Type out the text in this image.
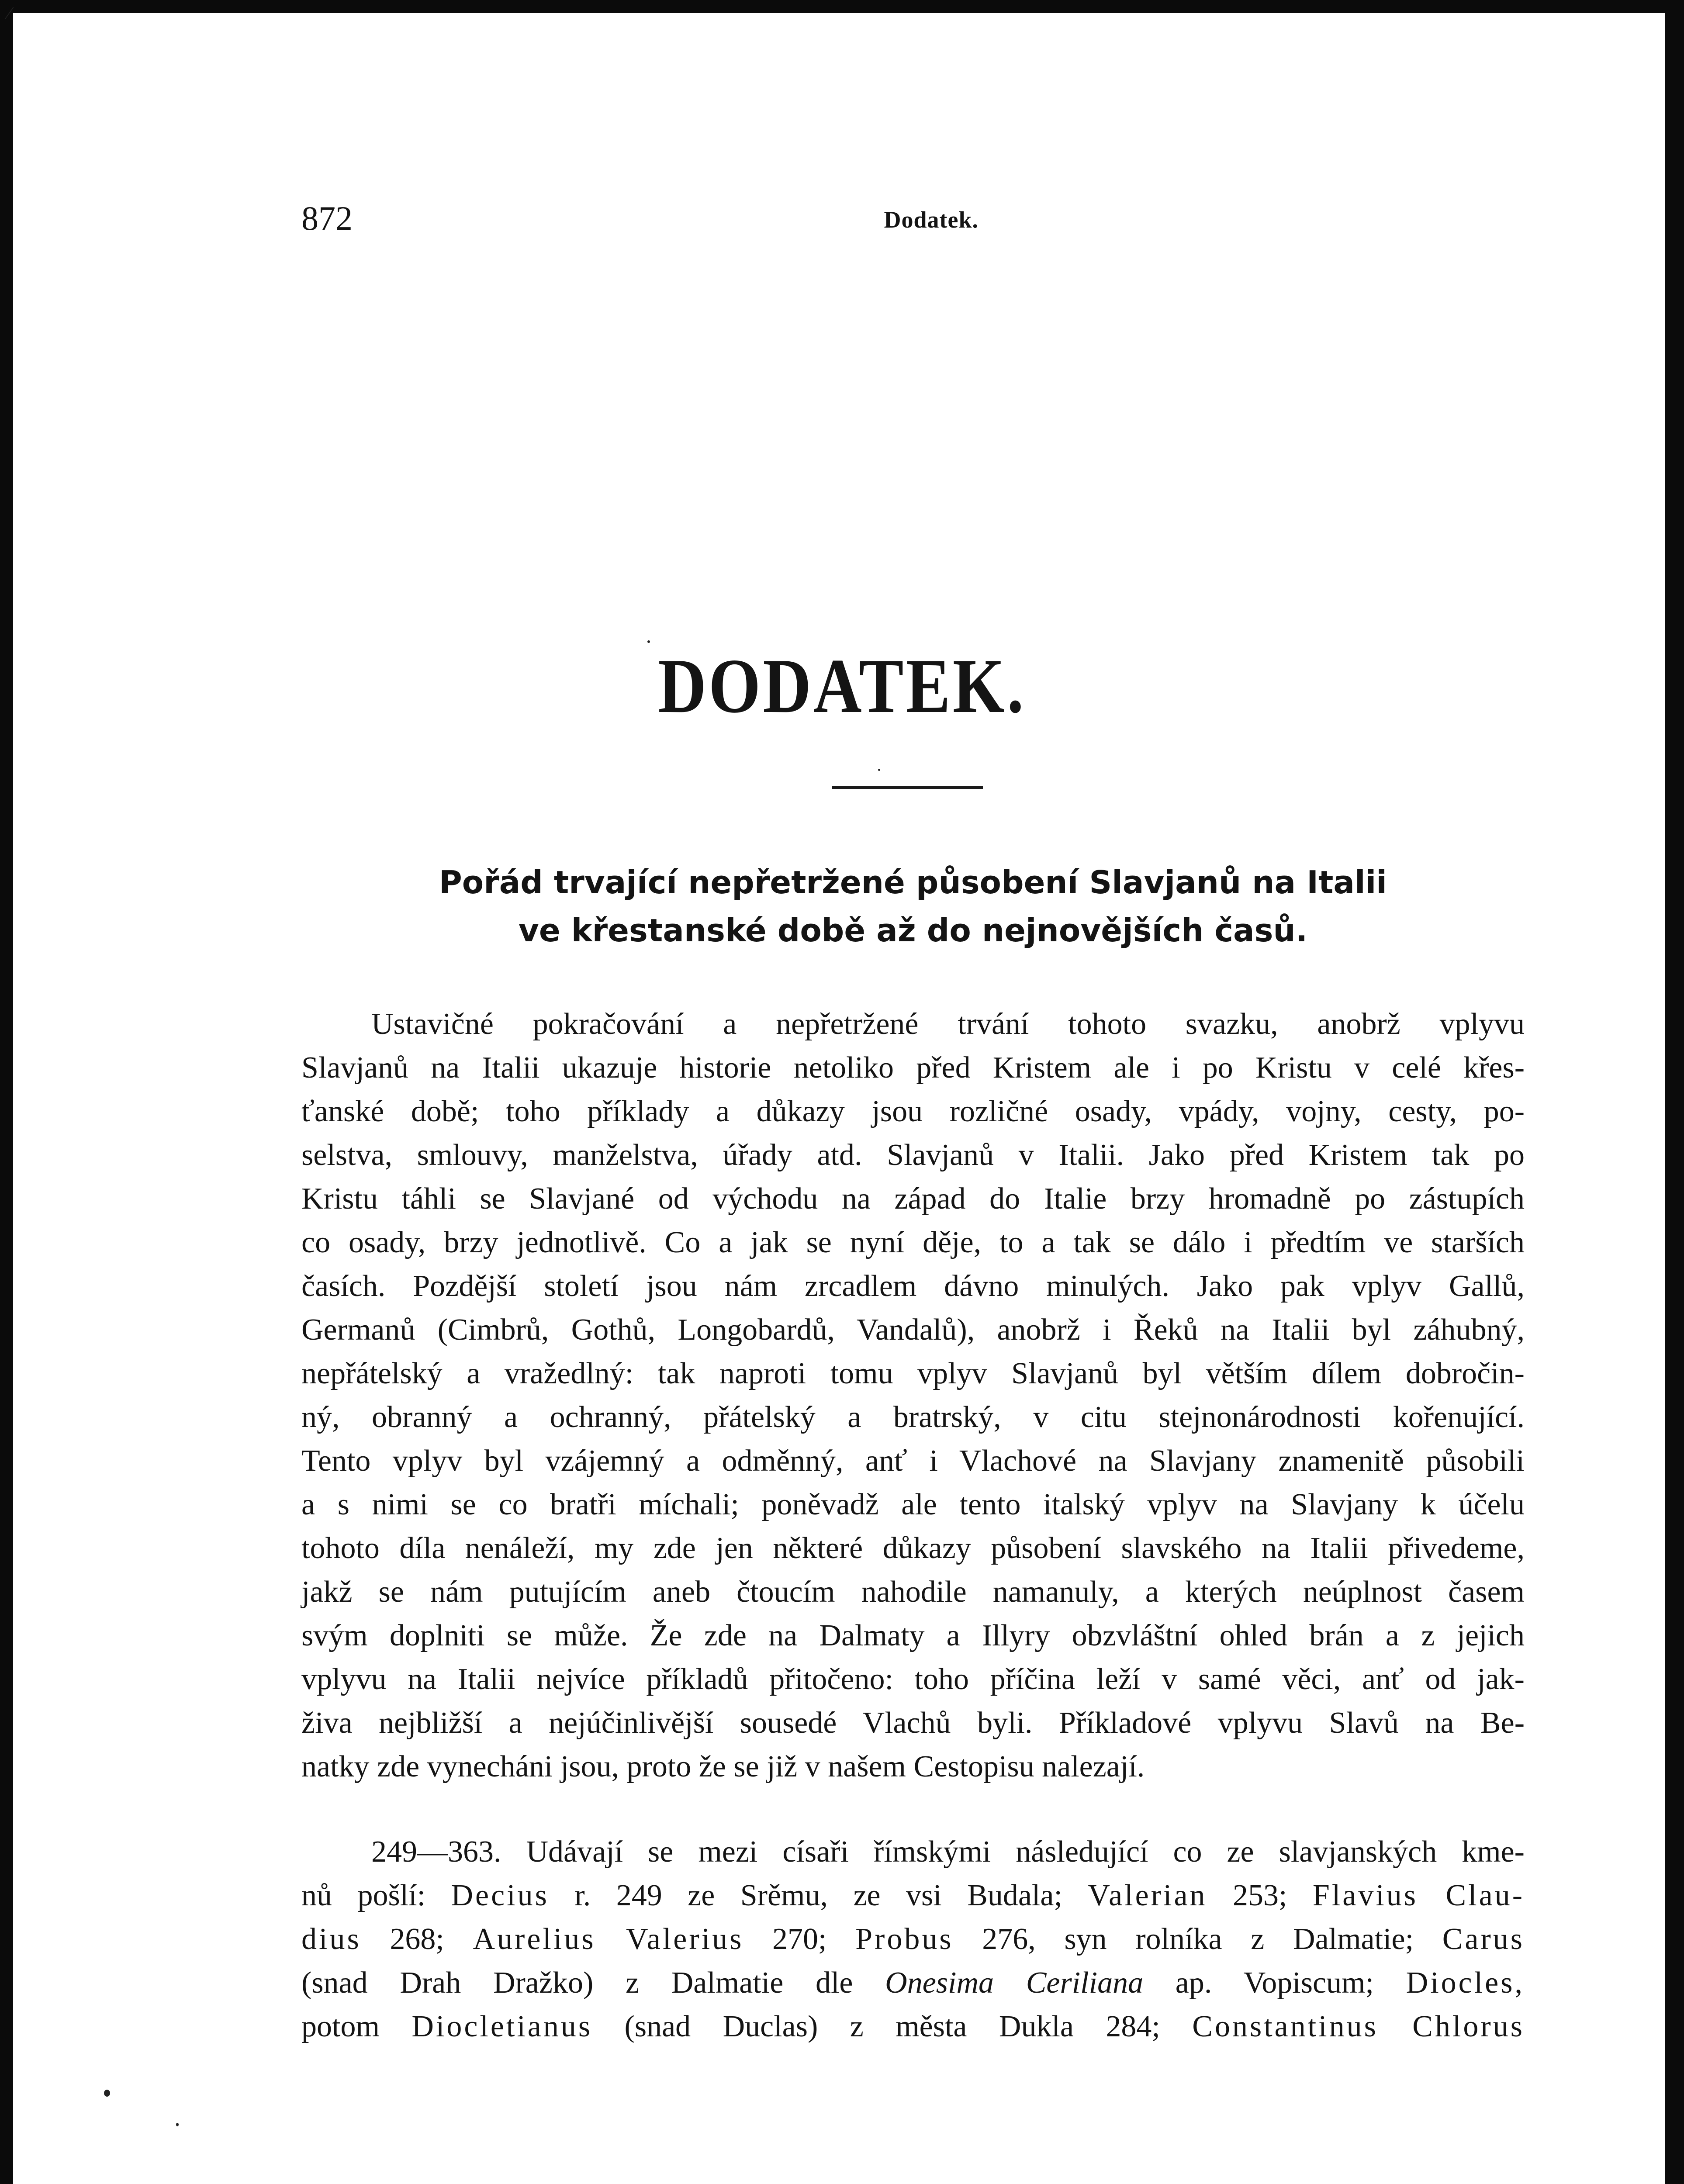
⁄
872	Dodatek.
DODATEK.
Pořád trvající nepřetržené působení Slavjanů na Italii
ve křestanské době až do nejnovějších časů.
Ustavičné pokračování a nepřetržené trvání tohoto svazku, anobrž vplyvu
Slavjanů na Italii ukazuje historie netoliko před Kristem ale i po Kristu v celé křes-
ťanské době; toho příklady a důkazy jsou rozličné osady, vpády, vojny, cesty, po-
selstva, smlouvy, manželstva, úřady atd. Slavjanů v Italii. Jako před Kristem tak po
Kristu táhli se Slavjané od východu na západ do Italie brzy hromadně po zástupích
co osady, brzy jednotlivě. Co a jak se nyní děje, to a tak se dálo i předtím ve starších
časích. Pozdější století jsou nám zrcadlem dávno minulých. Jako pak vplyv Gallů,
Germanů (Cimbrů, Gothů, Longobardů, Vandalů), anobrž i Řeků na Italii byl záhubný,
nepřátelský a vražedlný: tak naproti tomu vplyv Slavjanů byl větším dílem dobročin-
ný, obranný a ochranný, přátelský a bratrský, v citu stejnonárodnosti kořenující.
Tento vplyv byl vzájemný a odměnný, anť i Vlachové na Slavjany znamenitě působili
a s nimi se co bratři míchali; poněvadž ale tento italský vplyv na Slavjany k účelu
tohoto díla nenáleží, my zde jen některé důkazy působení slavského na Italii přivedeme,
jakž se nám putujícím aneb čtoucím nahodile namanuly, a kterých neúplnost časem
svým doplniti se může. Že zde na Dalmaty a Illyry obzvláštní ohled brán a z jejich
vplyvu na Italii nejvíce příkladů přitočeno: toho příčina leží v samé věci, anť od jak-
živa nejbližší a nejúčinlivější sousedé Vlachů byli. Příkladové vplyvu Slavů na Be-
natky zde vynecháni jsou, proto že se již v našem Cestopisu nalezají.
249—363. Udávají se mezi císaři římskými následující co ze slavjanských kme-
nů pošlí: Decius r. 249 ze Srěmu, ze vsi Budala; Valerian 253; Flavius Clau-
dius 268; Aurelius Valerius 270; Probus 276, syn rolníka z Dalmatie; Carus
(snad Drah Dražko) z Dalmatie dle Onesima Ceriliana ap. Vopiscum; Diocles,
potom Diocletianus (snad Duclas) z města Dukla 284; Constantinus Chlorus
